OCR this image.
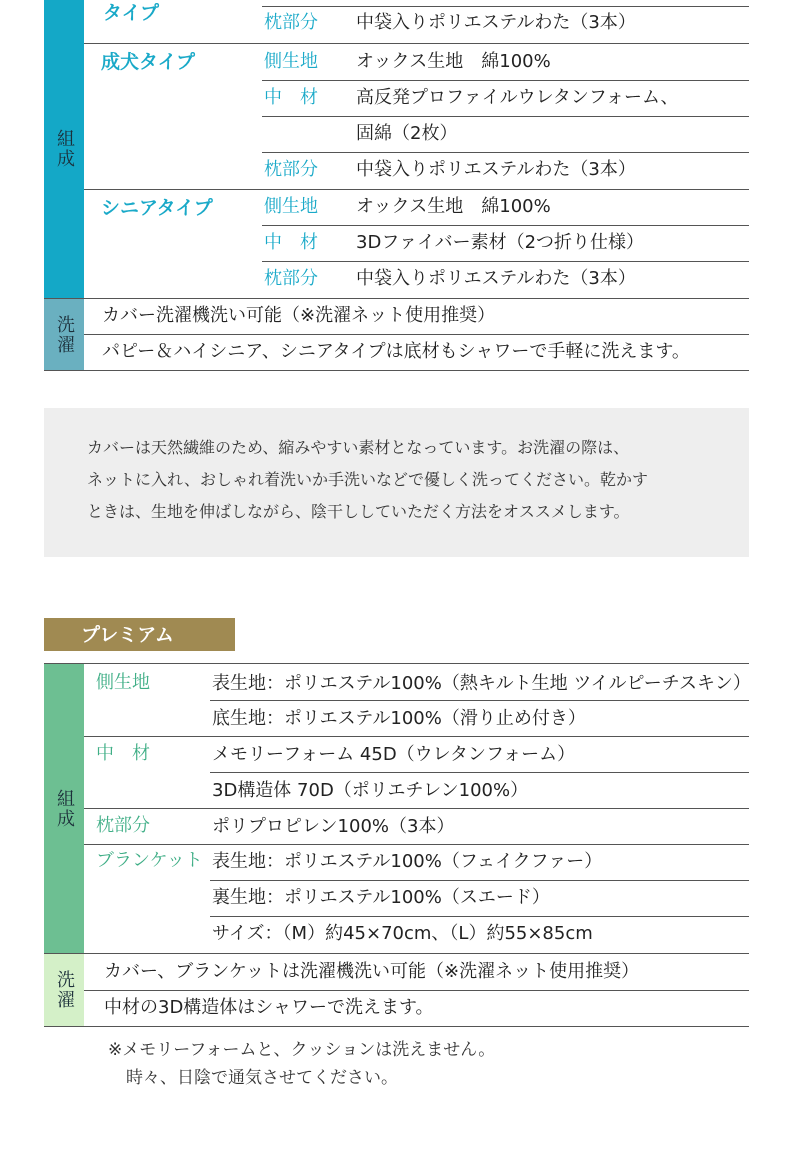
組成
タイプ	枕部分 中袋入りポリエステルわた（3本）
成犬タイプ	側生地 オックス生地　綿100%
中　材 高反発プロファイルウレタンフォーム、
固綿（2枚）
枕部分 中袋入りポリエステルわた（3本）
シニアタイプ	側生地 オックス生地　綿100%
中　材 3Dファイバー素材（2つ折り仕様）
枕部分 中袋入りポリエステルわた（3本）
洗濯 カバー洗濯機洗い可能（※洗濯ネット使用推奨）
パピー＆ハイシニア、シニアタイプは底材もシャワーで手軽に洗えます。

カバーは天然繊維のため、縮みやすい素材となっています。お洗濯の際は、

ネットに入れ、おしゃれ着洗いか手洗いなどで優しく洗ってください。乾かす

ときは、生地を伸ばしながら、陰干ししていただく方法をオススメします。

プレミアム
組成
側生地	表生地：ポリエステル100%（熱キルト生地 ツイルピーチスキン）
底生地：ポリエステル100%（滑り止め付き）
中　材	メモリーフォーム 45D（ウレタンフォーム）
3D構造体 70D（ポリエチレン100%）
枕部分	ポリプロピレン100%（3本）
ブランケット 表生地：ポリエステル100%（フェイクファー）
裏生地：ポリエステル100%（スエード）
サイズ：（M）約45×70cm、（L）約55×85cm
洗濯 カバー、ブランケットは洗濯機洗い可能（※洗濯ネット使用推奨）
中材の3D構造体はシャワーで洗えます。
※メモリーフォームと、クッションは洗えません。
時々、日陰で通気させてください。
